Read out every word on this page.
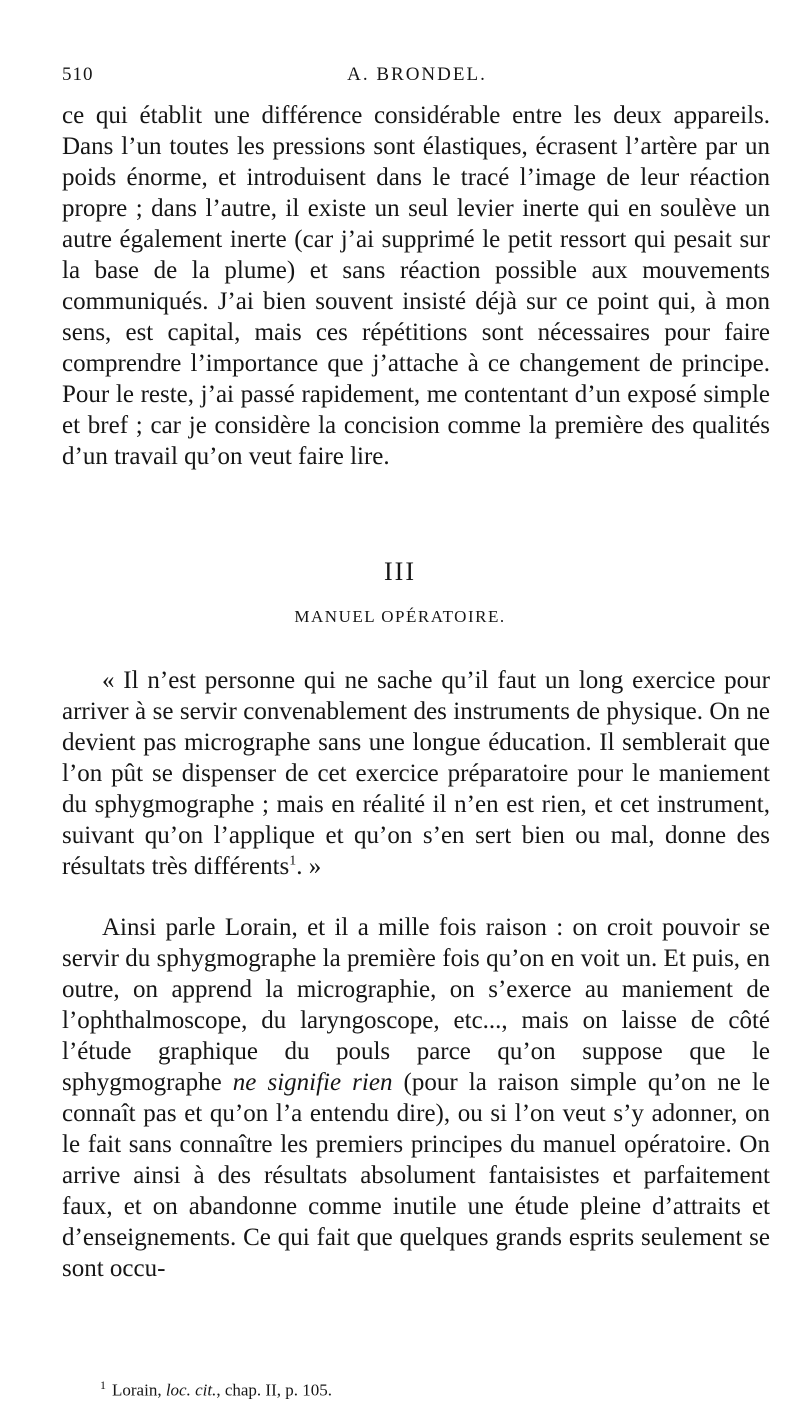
510	A. BRONDEL.

ce qui établit une différence considérable entre les deux appareils. Dans l’un toutes les pressions sont élastiques, écrasent l’artère par un poids énorme, et introduisent dans le tracé l’image de leur réaction propre ; dans l’autre, il existe un seul levier inerte qui en soulève un autre également inerte (car j’ai supprimé le petit ressort qui pesait sur la base de la plume) et sans réaction possible aux mouvements communiqués. J’ai bien souvent insisté déjà sur ce point qui, à mon sens, est capital, mais ces répétitions sont nécessaires pour faire comprendre l’importance que j’attache à ce changement de principe. Pour le reste, j’ai passé rapidement, me contentant d’un exposé simple et bref ; car je considère la concision comme la première des qualités d’un travail qu’on veut faire lire.

III
MANUEL OPÉRATOIRE.

« Il n’est personne qui ne sache qu’il faut un long exercice pour arriver à se servir convenablement des instruments de physique. On ne devient pas micrographe sans une longue éducation. Il semblerait que l’on pût se dispenser de cet exercice préparatoire pour le maniement du sphygmographe ; mais en réalité il n’en est rien, et cet instrument, suivant qu’on l’applique et qu’on s’en sert bien ou mal, donne des résultats très différents$^1$. »

Ainsi parle Lorain, et il a mille fois raison : on croit pouvoir se servir du sphygmographe la première fois qu’on en voit un. Et puis, en outre, on apprend la micrographie, on s’exerce au maniement de l’ophthalmoscope, du laryngoscope, etc..., mais on laisse de côté l’étude graphique du pouls parce qu’on suppose que le sphygmographe ne signifie rien (pour la raison simple qu’on ne le connaît pas et qu’on l’a entendu dire), ou si l’on veut s’y adonner, on le fait sans connaître les premiers principes du manuel opératoire. On arrive ainsi à des résultats absolument fantaisistes et parfaitement faux, et on abandonne comme inutile une étude pleine d’attraits et d’enseignements. Ce qui fait que quelques grands esprits seulement se sont occu-

$^1$ Lorain, loc. cit., chap. II, p. 105.
